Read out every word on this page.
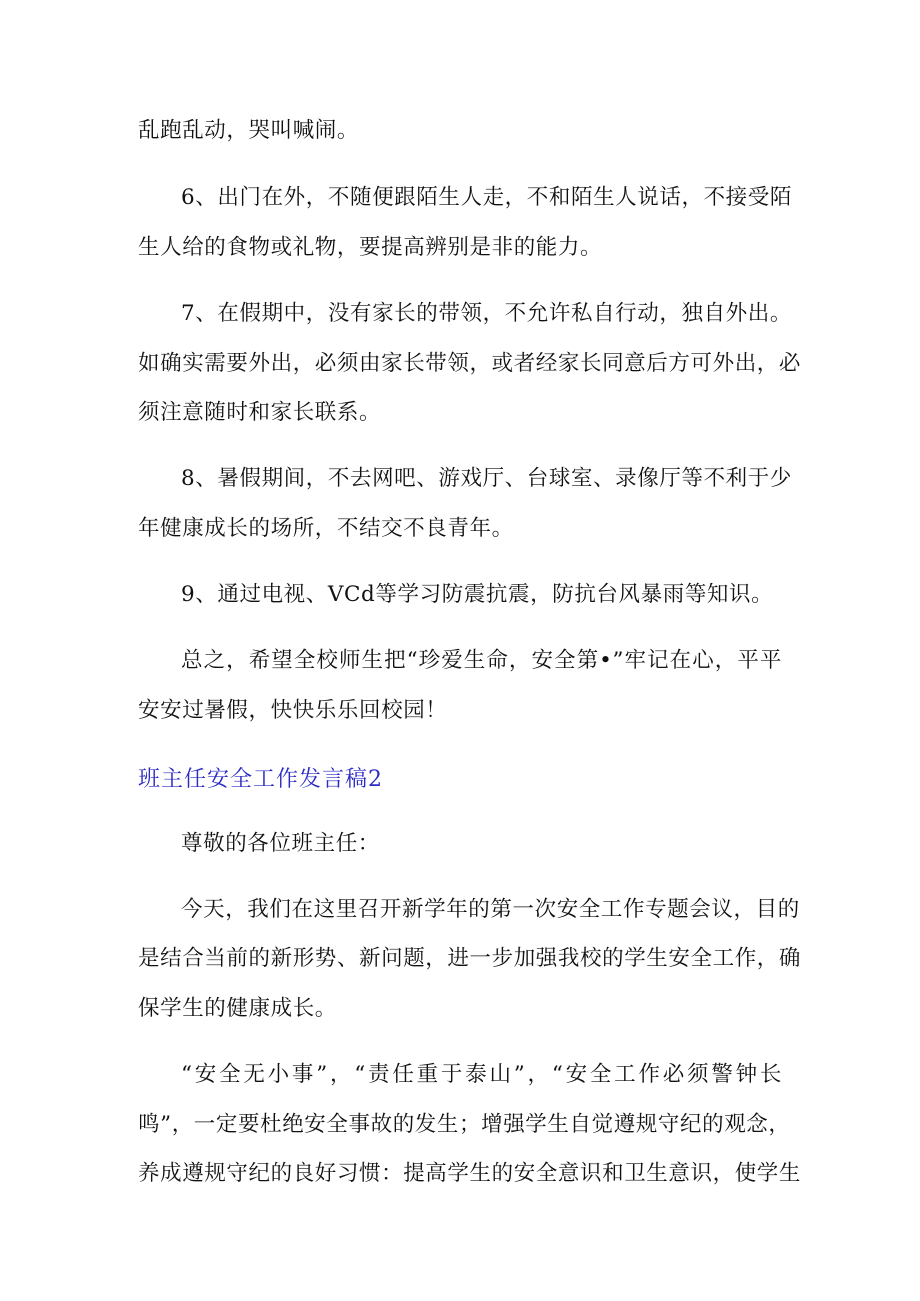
乱跑乱动，哭叫喊闹。
6、出门在外，不随便跟陌生人走，不和陌生人说话，不接受陌
生人给的食物或礼物，要提高辨别是非的能力。
7、在假期中，没有家长的带领，不允许私自行动，独自外出。
如确实需要外出，必须由家长带领，或者经家长同意后方可外出，必
须注意随时和家长联系。
8、暑假期间，不去网吧、游戏厅、台球室、录像厅等不利于少
年健康成长的场所，不结交不良青年。
9、通过电视、VCd等学习防震抗震，防抗台风暴雨等知识。
总之，希望全校师生把“珍爱生命，安全第•”牢记在心，平平
安安过暑假，快快乐乐回校园！
班主任安全工作发言稿2
尊敬的各位班主任：
今天，我们在这里召开新学年的第一次安全工作专题会议，目的
是结合当前的新形势、新问题，进一步加强我校的学生安全工作，确
保学生的健康成长。
“安全无小事”，“责任重于泰山”，“安全工作必须警钟长
鸣”，一定要杜绝安全事故的发生；增强学生自觉遵规守纪的观念，
养成遵规守纪的良好习惯：提高学生的安全意识和卫生意识，使学生
